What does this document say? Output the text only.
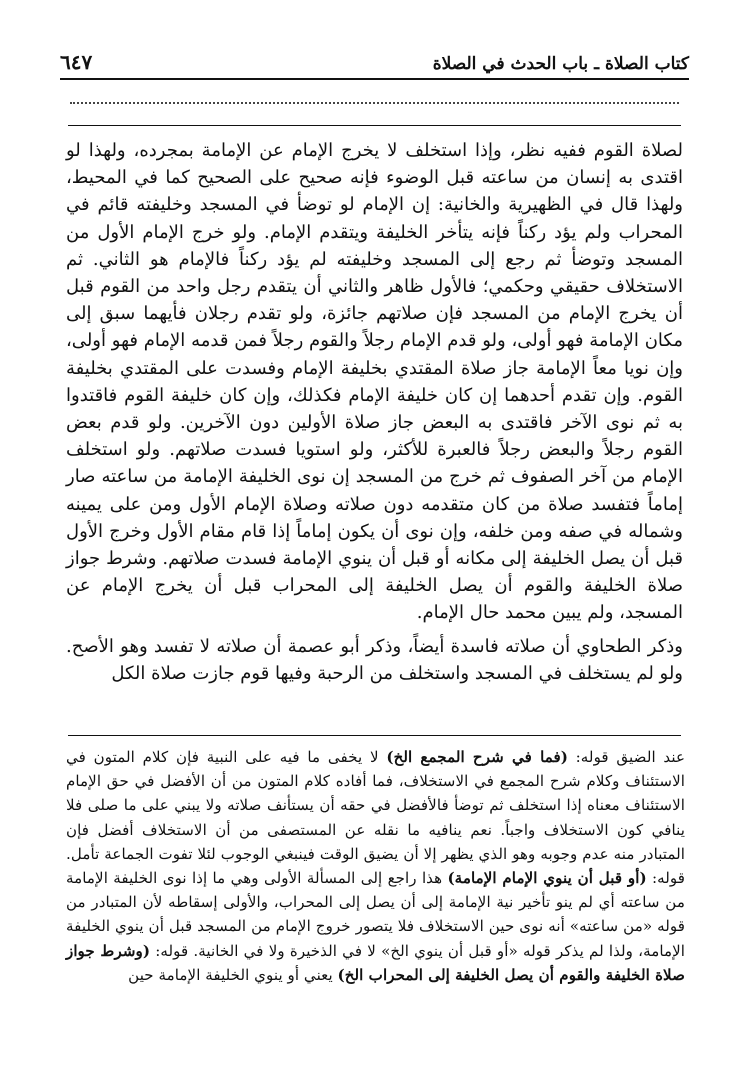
كتاب الصلاة ـ باب الحدث في الصلاة
٦٤٧

لصلاة القوم ففيه نظر، وإذا استخلف لا يخرج الإمام عن الإمامة بمجرده، ولهذا لو اقتدى به إنسان من ساعته قبل الوضوء فإنه صحيح على الصحيح كما في المحيط، ولهذا قال في الظهيرية والخانية: إن الإمام لو توضأ في المسجد وخليفته قائم في المحراب ولم يؤد ركناً فإنه يتأخر الخليفة ويتقدم الإمام. ولو خرج الإمام الأول من المسجد وتوضأ ثم رجع إلى المسجد وخليفته لم يؤد ركناً فالإمام هو الثاني. ثم الاستخلاف حقيقي وحكمي؛ فالأول ظاهر والثاني أن يتقدم رجل واحد من القوم قبل أن يخرج الإمام من المسجد فإن صلاتهم جائزة، ولو تقدم رجلان فأيهما سبق إلى مكان الإمامة فهو أولى، ولو قدم الإمام رجلاً والقوم رجلاً فمن قدمه الإمام فهو أولى، وإن نويا معاً الإمامة جاز صلاة المقتدي بخليفة الإمام وفسدت على المقتدي بخليفة القوم. وإن تقدم أحدهما إن كان خليفة الإمام فكذلك، وإن كان خليفة القوم فاقتدوا به ثم نوى الآخر فاقتدى به البعض جاز صلاة الأولين دون الآخرين. ولو قدم بعض القوم رجلاً والبعض رجلاً فالعبرة للأكثر، ولو استويا فسدت صلاتهم. ولو استخلف الإمام من آخر الصفوف ثم خرج من المسجد إن نوى الخليفة الإمامة من ساعته صار إماماً فتفسد صلاة من كان متقدمه دون صلاته وصلاة الإمام الأول ومن على يمينه وشماله في صفه ومن خلفه، وإن نوى أن يكون إماماً إذا قام مقام الأول وخرج الأول قبل أن يصل الخليفة إلى مكانه أو قبل أن ينوي الإمامة فسدت صلاتهم. وشرط جواز صلاة الخليفة والقوم أن يصل الخليفة إلى المحراب قبل أن يخرج الإمام عن المسجد، ولم يبين محمد حال الإمام.

وذكر الطحاوي أن صلاته فاسدة أيضاً، وذكر أبو عصمة أن صلاته لا تفسد وهو الأصح. ولو لم يستخلف في المسجد واستخلف من الرحبة وفيها قوم جازت صلاة الكل

عند الضيق قوله: (فما في شرح المجمع الخ) لا يخفى ما فيه على النبية فإن كلام المتون في الاستئناف وكلام شرح المجمع في الاستخلاف، فما أفاده كلام المتون من أن الأفضل في حق الإمام الاستئناف معناه إذا استخلف ثم توضأ فالأفضل في حقه أن يستأنف صلاته ولا يبني على ما صلى فلا ينافي كون الاستخلاف واجباً. نعم ينافيه ما نقله عن المستصفى من أن الاستخلاف أفضل فإن المتبادر منه عدم وجوبه وهو الذي يظهر إلا أن يضيق الوقت فينبغي الوجوب لئلا تفوت الجماعة تأمل. قوله: (أو قبل أن ينوي الإمام الإمامة) هذا راجع إلى المسألة الأولى وهي ما إذا نوى الخليفة الإمامة من ساعته أي لم ينو تأخير نية الإمامة إلى أن يصل إلى المحراب، والأولى إسقاطه لأن المتبادر من قوله «من ساعته» أنه نوى حين الاستخلاف فلا يتصور خروج الإمام من المسجد قبل أن ينوي الخليفة الإمامة، ولذا لم يذكر قوله «أو قبل أن ينوي الخ» لا في الذخيرة ولا في الخانية. قوله: (وشرط جواز صلاة الخليفة والقوم أن يصل الخليفة إلى المحراب الخ) يعني أو ينوي الخليفة الإمامة حين
